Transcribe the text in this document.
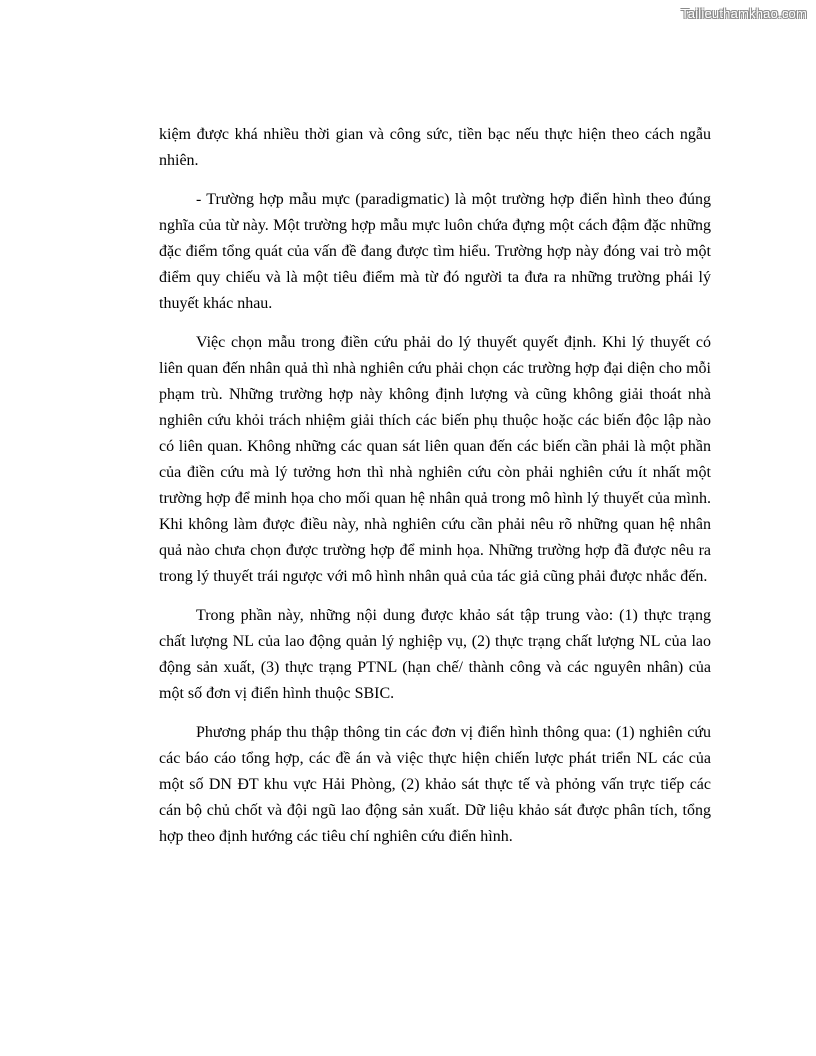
Tailieuthamkhao.com

kiệm được khá nhiều thời gian và công sức, tiền bạc nếu thực hiện theo cách ngẫu nhiên.

- Trường hợp mẫu mực (paradigmatic) là một trường hợp điển hình theo đúng nghĩa của từ này. Một trường hợp mẫu mực luôn chứa đựng một cách đậm đặc những đặc điểm tổng quát của vấn đề đang được tìm hiểu. Trường hợp này đóng vai trò một điểm quy chiếu và là một tiêu điểm mà từ đó người ta đưa ra những trường phái lý thuyết khác nhau.

Việc chọn mẫu trong điền cứu phải do lý thuyết quyết định. Khi lý thuyết có liên quan đến nhân quả thì nhà nghiên cứu phải chọn các trường hợp đại diện cho mỗi phạm trù. Những trường hợp này không định lượng và cũng không giải thoát nhà nghiên cứu khỏi trách nhiệm giải thích các biến phụ thuộc hoặc các biến độc lập nào có liên quan. Không những các quan sát liên quan đến các biến cần phải là một phần của điền cứu mà lý tưởng hơn thì nhà nghiên cứu còn phải nghiên cứu ít nhất một trường hợp để minh họa cho mối quan hệ nhân quả trong mô hình lý thuyết của mình. Khi không làm được điều này, nhà nghiên cứu cần phải nêu rõ những quan hệ nhân quả nào chưa chọn được trường hợp để minh họa. Những trường hợp đã được nêu ra trong lý thuyết trái ngược với mô hình nhân quả của tác giả cũng phải được nhắc đến.

Trong phần này, những nội dung được khảo sát tập trung vào: (1) thực trạng chất lượng NL của lao động quản lý nghiệp vụ, (2) thực trạng chất lượng NL của lao động sản xuất, (3) thực trạng PTNL (hạn chế/ thành công và các nguyên nhân) của một số đơn vị điển hình thuộc SBIC.

Phương pháp thu thập thông tin các đơn vị điển hình thông qua: (1) nghiên cứu các báo cáo tổng hợp, các đề án và việc thực hiện chiến lược phát triển NL các của một số DN ĐT khu vực Hải Phòng, (2) khảo sát thực tế và phỏng vấn trực tiếp các cán bộ chủ chốt và đội ngũ lao động sản xuất. Dữ liệu khảo sát được phân tích, tổng hợp theo định hướng các tiêu chí nghiên cứu điển hình.
